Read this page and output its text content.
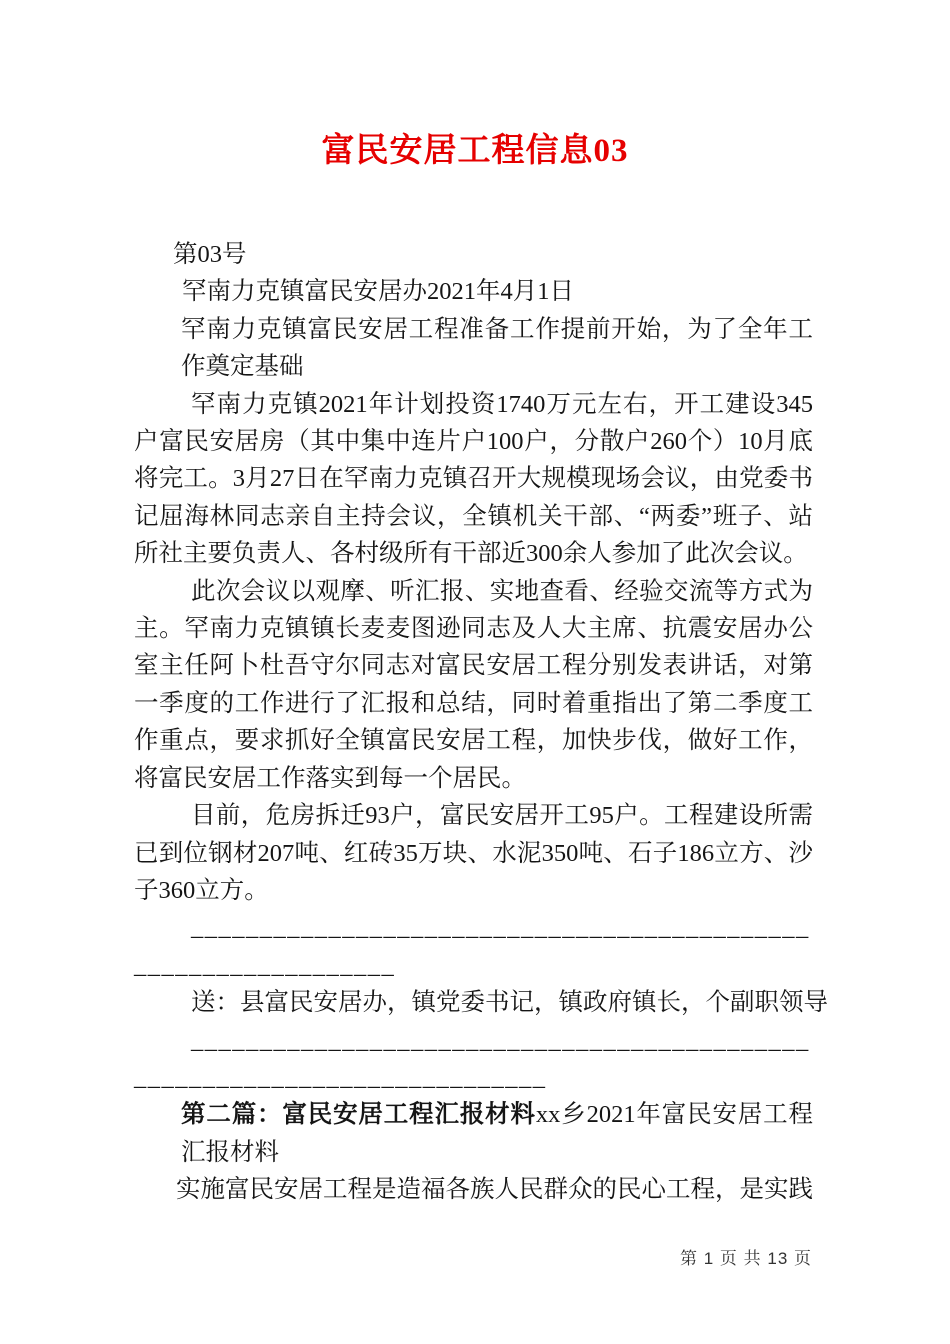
富民安居工程信息03

第03号

罕南力克镇富民安居办2021年4月1日

罕南力克镇富民安居工程准备工作提前开始，为了全年工作奠定基础

罕南力克镇2021年计划投资1740万元左右，开工建设345户富民安居房（其中集中连片户100户，分散户260个）10月底将完工。3月27日在罕南力克镇召开大规模现场会议，由党委书记屈海林同志亲自主持会议，全镇机关干部、“两委”班子、站所社主要负责人、各村级所有干部近300余人参加了此次会议。

此次会议以观摩、听汇报、实地查看、经验交流等方式为主。罕南力克镇镇长麦麦图逊同志及人大主席、抗震安居办公室主任阿卜杜吾守尔同志对富民安居工程分别发表讲话，对第一季度的工作进行了汇报和总结，同时着重指出了第二季度工作重点，要求抓好全镇富民安居工程，加快步伐，做好工作，将富民安居工作落实到每一个居民。

目前，危房拆迁93户，富民安居开工95户。工程建设所需已到位钢材207吨、红砖35万块、水泥350吨、石子186立方、沙子360立方。

________________________________________________________________

送：县富民安居办，镇党委书记，镇政府镇长，个副职领导

___________________________________________________________________________

第二篇：富民安居工程汇报材料xx乡2021年富民安居工程汇报材料

实施富民安居工程是造福各族人民群众的民心工程，是实践

第 1 页 共 13 页
